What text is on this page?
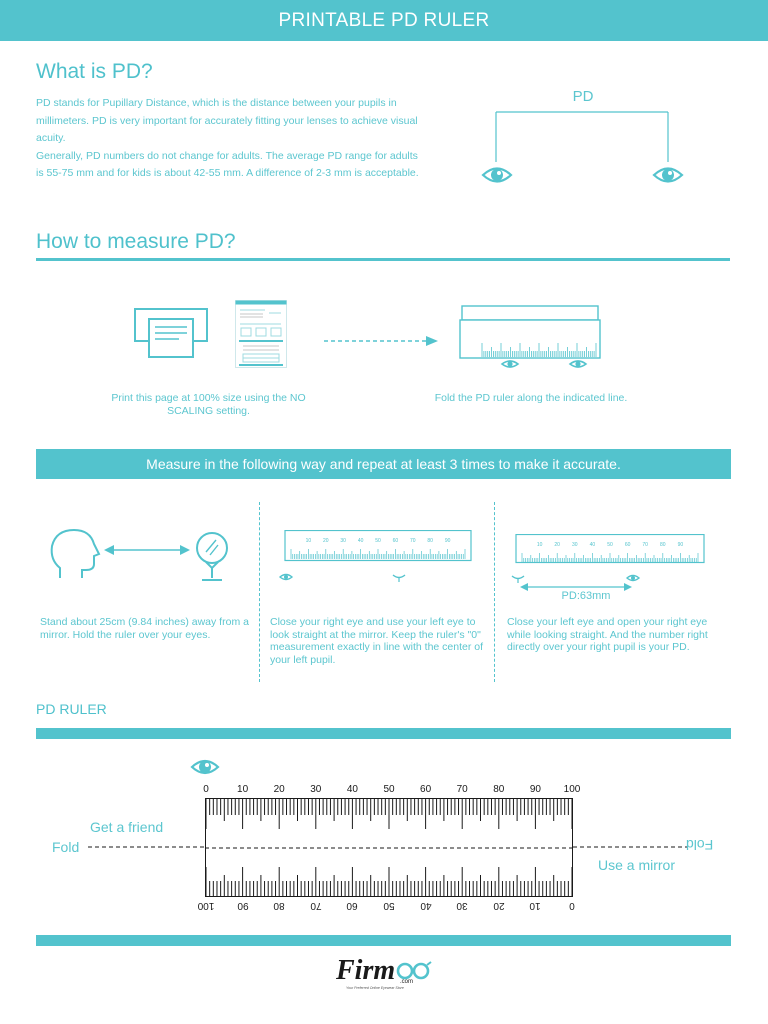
PRINTABLE PD RULER
What is PD?
PD stands for Pupillary Distance, which is the distance between your pupils in millimeters. PD is very important for accurately fitting your lenses to achieve visual acuity.
Generally, PD numbers do not change for adults. The average PD range for adults is 55-75 mm and for kids is about 42-55 mm. A difference of 2-3 mm is acceptable.
PD
How to measure PD?
Print this page at 100% size using the NO SCALING setting.
Fold the PD ruler along the indicated line.
Measure in the following way and repeat at least 3 times to make it accurate.
10 20 30 40 50 60 70 80 90
10 20 30 40 50 60 70 80 90
PD:63mm
Stand about 25cm (9.84 inches) away from a mirror. Hold the ruler over your eyes.
Close your right eye and use your left eye to look straight at the mirror. Keep the ruler's "0" measurement exactly in line with the center of your left pupil.
Close your left eye and open your right eye while looking straight. And the number right directly over your right pupil is your PD.
PD RULER
0	10	20	30	40	50	60	70	80	90 100
0
10
20
30
40
50
60
70
80
90
100
Fold	Fold
Get a friend
Use a mirror
Firm .com
Your Preferred Online Eyewear Store
